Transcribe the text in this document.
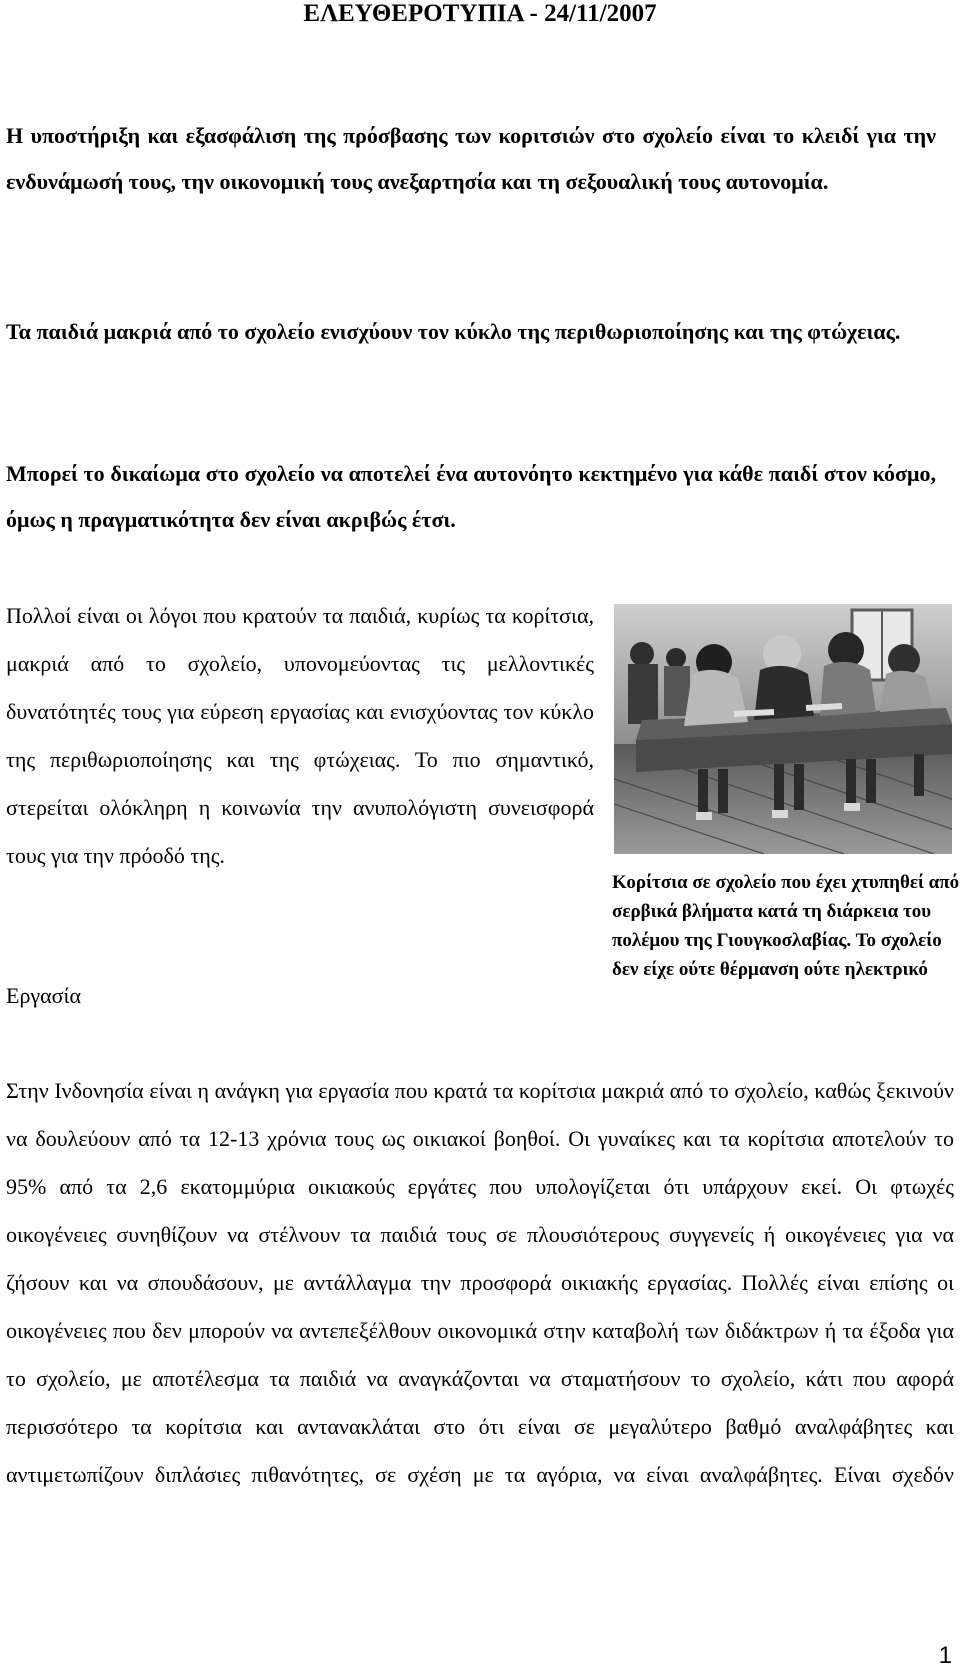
ΕΛΕΥΘΕΡΟΤΥΠΙΑ - 24/11/2007

Η υποστήριξη και εξασφάλιση της πρόσβασης των κοριτσιών στο σχολείο είναι το κλειδί για την ενδυνάμωσή τους, την οικονομική τους ανεξαρτησία και τη σεξουαλική τους αυτονομία.

Τα παιδιά μακριά από το σχολείο ενισχύουν τον κύκλο της περιθωριοποίησης και της φτώχειας.

Μπορεί το δικαίωμα στο σχολείο να αποτελεί ένα αυτονόητο κεκτημένο για κάθε παιδί στον κόσμο, όμως η πραγματικότητα δεν είναι ακριβώς έτσι.

Πολλοί είναι οι λόγοι που κρατούν τα παιδιά, κυρίως τα κορίτσια, μακριά από το σχολείο, υπονομεύοντας τις μελλοντικές δυνατότητές τους για εύρεση εργασίας και ενισχύοντας τον κύκλο της περιθωριοποίησης και της φτώχειας. Το πιο σημαντικό, στερείται ολόκληρη η κοινωνία την ανυπολόγιστη συνεισφορά τους για την πρόοδό της.

Εργασία

Κορίτσια σε σχολείο που έχει χτυπηθεί από σερβικά βλήματα κατά τη διάρκεια του πολέμου της Γιουγκοσλαβίας. Το σχολείο δεν είχε ούτε θέρμανση ούτε ηλεκτρικό

Στην Ινδονησία είναι η ανάγκη για εργασία που κρατά τα κορίτσια μακριά από το σχολείο, καθώς ξεκινούν να δουλεύουν από τα 12-13 χρόνια τους ως οικιακοί βοηθοί. Οι γυναίκες και τα κορίτσια αποτελούν το 95% από τα 2,6 εκατομμύρια οικιακούς εργάτες που υπολογίζεται ότι υπάρχουν εκεί. Οι φτωχές οικογένειες συνηθίζουν να στέλνουν τα παιδιά τους σε πλουσιότερους συγγενείς ή οικογένειες για να ζήσουν και να σπουδάσουν, με αντάλλαγμα την προσφορά οικιακής εργασίας. Πολλές είναι επίσης οι οικογένειες που δεν μπορούν να αντεπεξέλθουν οικονομικά στην καταβολή των διδάκτρων ή τα έξοδα για το σχολείο, με αποτέλεσμα τα παιδιά να αναγκάζονται να σταματήσουν το σχολείο, κάτι που αφορά περισσότερο τα κορίτσια και αντανακλάται στο ότι είναι σε μεγαλύτερο βαθμό αναλφάβητες και αντιμετωπίζουν διπλάσιες πιθανότητες, σε σχέση με τα αγόρια, να είναι αναλφάβητες. Είναι σχεδόν

1
